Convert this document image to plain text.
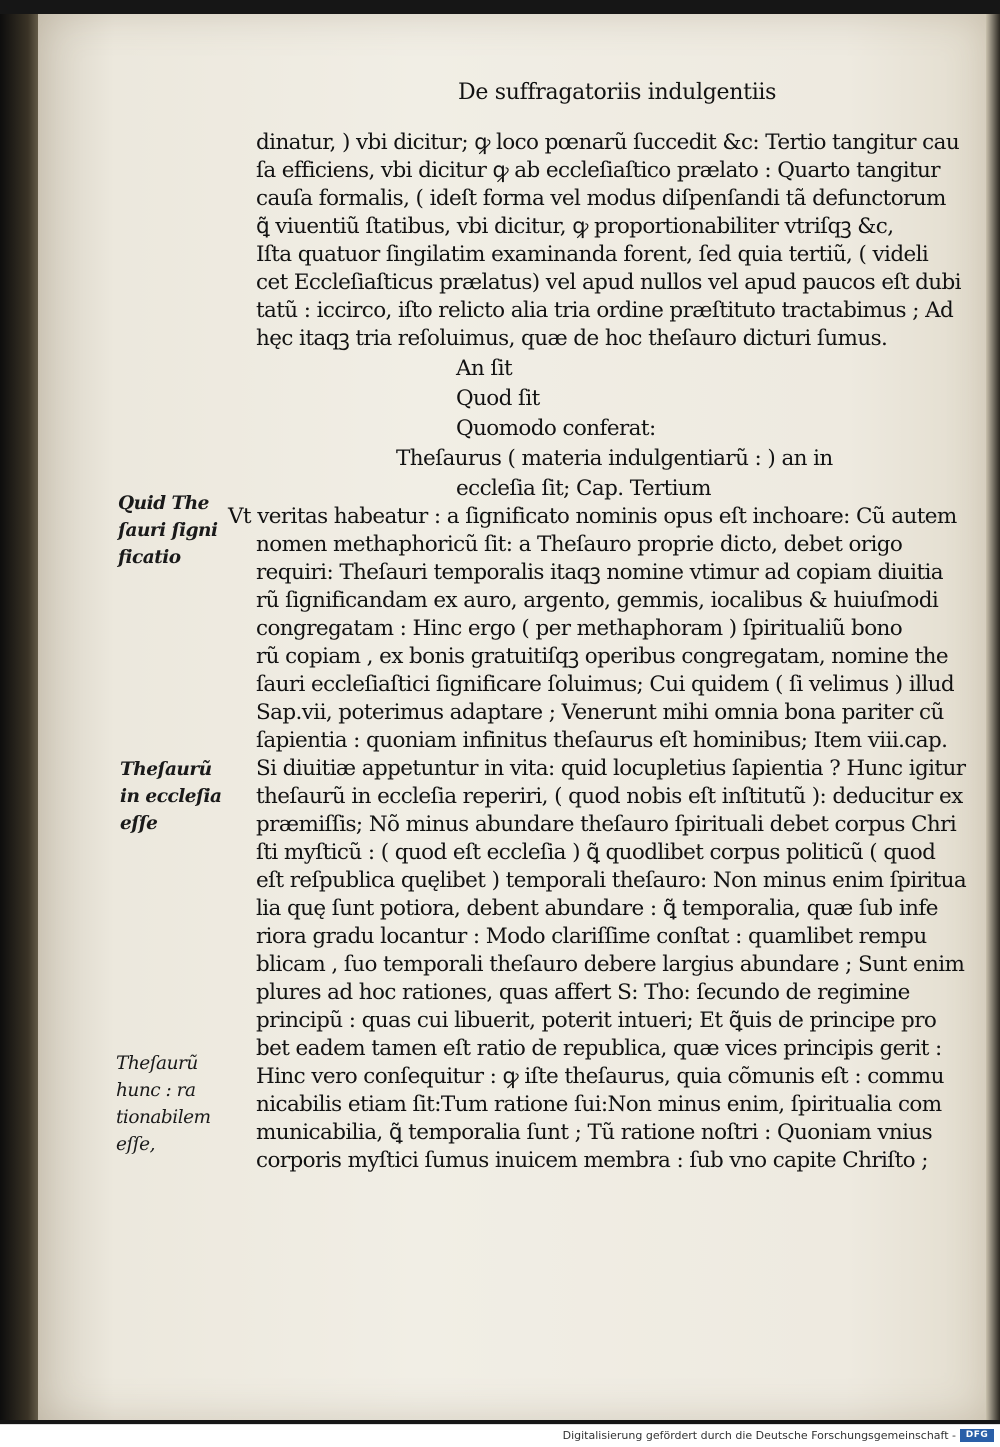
De suffragatoriis indulgentiis
dinatur, ) vbi dicitur; ꝙ loco pœnarũ ſuccedit &c: Tertio tangitur cau
ſa efficiens, vbi dicitur ꝙ ab eccleſiaſtico prælato : Quarto tangitur
cauſa formalis, ( ideſt forma vel modus diſpenſandi tã defunctorum
ꝗ̃ viuentiũ ſtatibus, vbi dicitur, ꝙ proportionabiliter vtriſqꝫ &c,
Iſta quatuor ſingilatim examinanda forent, ſed quia tertiũ, ( videli
cet Eccleſiaſticus prælatus) vel apud nullos vel apud paucos eſt dubi
tatũ : iccirco, iſto relicto alia tria ordine præſtituto tractabimus ; Ad
hęc itaqꝫ tria reſoluimus, quæ de hoc theſauro dicturi ſumus.
An ſit
Quod ſit
Quomodo conferat:
Theſaurus ( materia indulgentiarũ : ) an in
eccleſia ſit; Cap. Tertium
Vt veritas habeatur : a ſignificato nominis opus eſt inchoare: Cũ autem
nomen methaphoricũ ſit: a Theſauro proprie dicto, debet origo
requiri: Theſauri temporalis itaqꝫ nomine vtimur ad copiam diuitia
rũ ſignificandam ex auro, argento, gemmis, iocalibus & huiuſmodi
congregatam : Hinc ergo ( per methaphoram ) ſpiritualiũ bono
rũ copiam , ex bonis gratuitiſqꝫ operibus congregatam, nomine the
ſauri eccleſiaſtici ſignificare ſoluimus; Cui quidem ( ſi velimus ) illud
Sap.vii, poterimus adaptare ; Venerunt mihi omnia bona pariter cũ
ſapientia : quoniam infinitus theſaurus eſt hominibus; Item viii.cap.
Si diuitiæ appetuntur in vita: quid locupletius ſapientia ? Hunc igitur
theſaurũ in eccleſia reperiri, ( quod nobis eſt inſtitutũ ): deducitur ex
præmiſſis; Nõ minus abundare theſauro ſpirituali debet corpus Chri
ſti myſticũ : ( quod eſt eccleſia ) ꝗ̃ quodlibet corpus politicũ ( quod
eſt reſpublica quęlibet ) temporali theſauro: Non minus enim ſpiritua
lia quę ſunt potiora, debent abundare : ꝗ̃ temporalia, quæ ſub infe
riora gradu locantur : Modo clariſſime conſtat : quamlibet rempu
blicam , ſuo temporali theſauro debere largius abundare ; Sunt enim
plures ad hoc rationes, quas affert S: Tho: ſecundo de regimine
principũ : quas cui libuerit, poterit intueri; Et ꝗ̃uis de principe pro
bet eadem tamen eſt ratio de republica, quæ vices principis gerit :
Hinc vero conſequitur : ꝙ iſte theſaurus, quia cõmunis eſt : commu
nicabilis etiam ſit:Tum ratione ſui:Non minus enim, ſpiritualia com
municabilia, ꝗ̃ temporalia ſunt ; Tũ ratione noſtri : Quoniam vnius
corporis myſtici ſumus inuicem membra : ſub vno capite Chriſto ;
Quid The
ſauri ſigni
ficatio
Theſaurũ
in eccleſia
eſſe
Theſaurũ
hunc : ra
tionabilem
eſſe,
Digitalisierung gefördert durch die Deutsche Forschungsgemeinschaft -	DFG
